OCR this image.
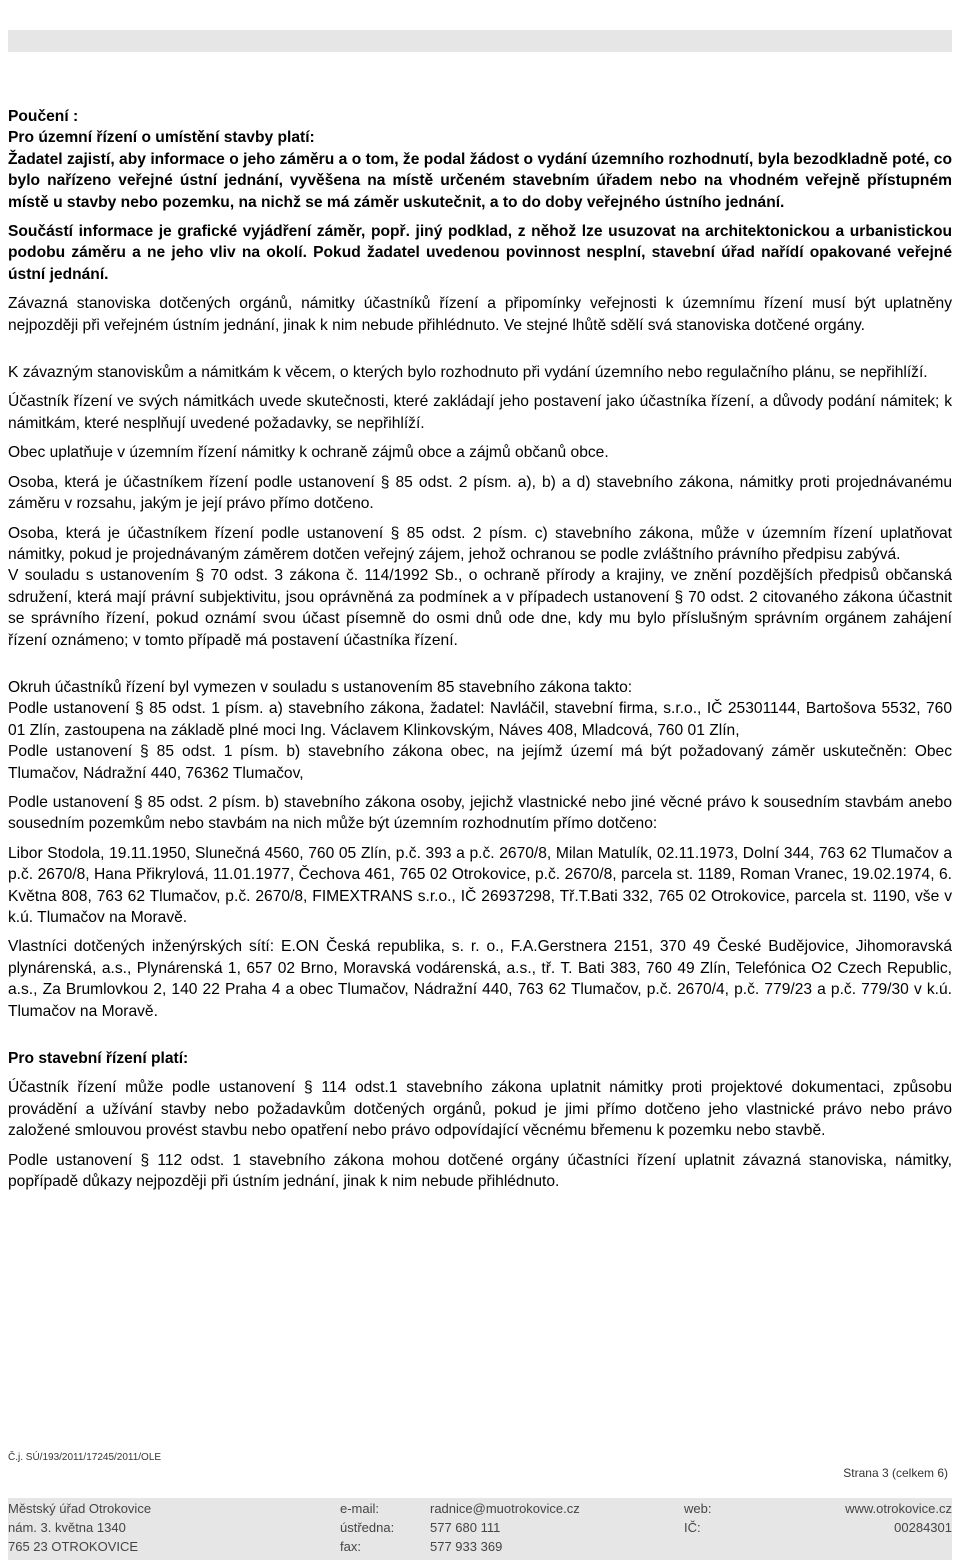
Poučení :

Pro územní řízení o umístění stavby platí:

Žadatel zajistí, aby informace o jeho záměru a o tom, že podal žádost o vydání územního rozhodnutí, byla bezodkladně poté, co bylo nařízeno veřejné ústní jednání, vyvěšena na místě určeném stavebním úřadem nebo na vhodném veřejně přístupném místě u stavby nebo pozemku, na nichž se má záměr uskutečnit, a to do doby veřejného ústního jednání.

Součástí informace je grafické vyjádření záměr, popř. jiný podklad, z něhož lze usuzovat na architektonickou a urbanistickou podobu záměru a ne jeho vliv na okolí. Pokud žadatel uvedenou povinnost nesplní, stavební úřad nařídí opakované veřejné ústní jednání.

Závazná stanoviska dotčených orgánů, námitky účastníků řízení a připomínky veřejnosti k územnímu řízení musí být uplatněny nejpozději při veřejném ústním jednání, jinak k nim nebude přihlédnuto. Ve stejné lhůtě sdělí svá stanoviska dotčené orgány.

K závazným stanoviskům a námitkám k věcem, o kterých bylo rozhodnuto při vydání územního nebo regulačního plánu, se nepřihlíží.

Účastník řízení ve svých námitkách uvede skutečnosti, které zakládají jeho postavení jako účastníka řízení, a důvody podání námitek; k námitkám, které nesplňují uvedené požadavky, se nepřihlíží.

Obec uplatňuje v územním řízení námitky k ochraně zájmů obce a zájmů občanů obce.

Osoba, která je účastníkem řízení podle ustanovení § 85 odst. 2 písm. a), b) a d) stavebního zákona, námitky proti projednávanému záměru v rozsahu, jakým je její právo přímo dotčeno.

Osoba, která je účastníkem řízení podle ustanovení § 85 odst. 2 písm. c) stavebního zákona, může v územním řízení uplatňovat námitky, pokud je projednávaným záměrem dotčen veřejný zájem, jehož ochranou se podle zvláštního právního předpisu zabývá.

V souladu s ustanovením § 70 odst. 3 zákona č. 114/1992 Sb., o ochraně přírody a krajiny, ve znění pozdějších předpisů občanská sdružení, která mají právní subjektivitu, jsou oprávněná za podmínek a v případech ustanovení § 70 odst. 2 citovaného zákona účastnit se správního řízení, pokud oznámí svou účast písemně do osmi dnů ode dne, kdy mu bylo příslušným správním orgánem zahájení řízení oznámeno; v tomto případě má postavení účastníka řízení.

Okruh účastníků řízení byl vymezen v souladu s ustanovením 85 stavebního zákona takto:

Podle ustanovení § 85 odst. 1 písm. a) stavebního zákona, žadatel: Navláčil, stavební firma, s.r.o., IČ 25301144, Bartošova 5532, 760 01 Zlín, zastoupena na základě plné moci Ing. Václavem Klinkovským, Náves 408, Mladcová, 760 01 Zlín,

Podle ustanovení § 85 odst. 1 písm. b) stavebního zákona obec, na jejímž území má být požadovaný záměr uskutečněn: Obec Tlumačov, Nádražní 440, 76362 Tlumačov,

Podle ustanovení § 85 odst. 2 písm. b) stavebního zákona osoby, jejichž vlastnické nebo jiné věcné právo k sousedním stavbám anebo sousedním pozemkům nebo stavbám na nich může být územním rozhodnutím přímo dotčeno:

Libor Stodola, 19.11.1950, Slunečná 4560, 760 05 Zlín, p.č. 393 a p.č. 2670/8, Milan Matulík, 02.11.1973, Dolní 344, 763 62 Tlumačov a p.č. 2670/8, Hana Přikrylová, 11.01.1977, Čechova 461, 765 02 Otrokovice, p.č. 2670/8, parcela st. 1189, Roman Vranec, 19.02.1974, 6. Května 808, 763 62 Tlumačov, p.č. 2670/8, FIMEXTRANS s.r.o., IČ 26937298, Tř.T.Bati 332, 765 02 Otrokovice, parcela st. 1190, vše v k.ú. Tlumačov na Moravě.

Vlastníci dotčených inženýrských sítí: E.ON Česká republika, s. r. o., F.A.Gerstnera 2151, 370 49 České Budějovice, Jihomoravská plynárenská, a.s., Plynárenská 1, 657 02 Brno, Moravská vodárenská, a.s., tř. T. Bati 383, 760 49 Zlín, Telefónica O2 Czech Republic, a.s., Za Brumlovkou 2, 140 22 Praha 4 a obec Tlumačov, Nádražní 440, 763 62 Tlumačov, p.č. 2670/4, p.č. 779/23 a p.č. 779/30 v k.ú. Tlumačov na Moravě.

Pro stavební řízení platí:

Účastník řízení může podle ustanovení § 114 odst.1 stavebního zákona uplatnit námitky proti projektové dokumentaci, způsobu provádění a užívání stavby nebo požadavkům dotčených orgánů, pokud je jimi přímo dotčeno jeho vlastnické právo nebo právo založené smlouvou provést stavbu nebo opatření nebo právo odpovídající věcnému břemenu k pozemku nebo stavbě.

Podle ustanovení § 112 odst. 1 stavebního zákona mohou dotčené orgány účastníci řízení uplatnit závazná stanoviska, námitky, popřípadě důkazy nejpozději při ústním jednání, jinak k nim nebude přihlédnuto.

Č.j. SÚ/193/2011/17245/2011/OLE
Strana 3 (celkem 6)
Městský úřad Otrokovice
nám. 3. května 1340
765 23 OTROKOVICE
e-mail:	radnice@muotrokovice.cz
ústředna:	577 680 111
fax:	577 933 369
web:	www.otrokovice.cz
IČ:	00284301
